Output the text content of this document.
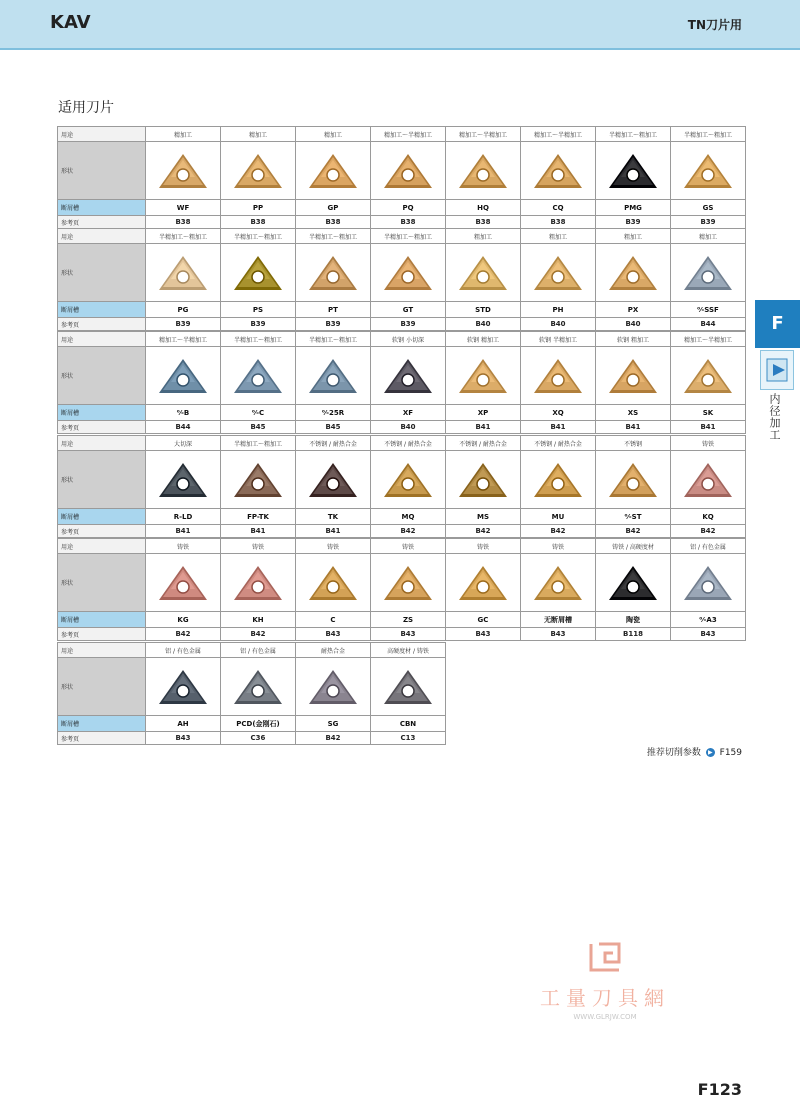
KAV	TN刀片用
适用刀片
用途	精加工	精加工	精加工	精加工～半精加工	精加工～半精加工	精加工～半精加工	半精加工～粗加工	半精加工～粗加工
形状	

断屑槽	WF	PP	GP	PQ	HQ	CQ	PMG	GS
参考页	B38	B38	B38	B38	B38	B38	B39	B39
用途	半精加工～粗加工	半精加工～粗加工	半精加工～粗加工	半精加工～粗加工	粗加工	粗加工	粗加工	精加工
形状	

断屑槽	PG	PS	PT	GT	STD	PH	PX	⁰⁄-SSF
参考页	B39	B39	B39	B39	B40	B40	B40	B44
用途	精加工～半精加工	半精加工～粗加工	半精加工～粗加工	软钢 小切深	软钢 精加工	软钢 半精加工	软钢 粗加工	精加工～半精加工
形状	

断屑槽	⁰⁄-B	⁰⁄-C	⁰⁄-25R	XF	XP	XQ	XS	SK
参考页	B44	B45	B45	B40	B41	B41	B41	B41
用途	大切深	半精加工～粗加工	不锈钢 / 耐热合金	不锈钢 / 耐热合金	不锈钢 / 耐热合金	不锈钢 / 耐热合金	不锈钢	铸铁
形状	

断屑槽	R-LD	FP-TK	TK	MQ	MS	MU	⁰⁄-ST	KQ
参考页	B41	B41	B41	B42	B42	B42	B42	B42
用途	铸铁	铸铁	铸铁	铸铁	铸铁	铸铁	铸铁 / 高硬度材	铝 / 有色金属
形状	

断屑槽	KG	KH	C	ZS	GC	无断屑槽	陶瓷	⁰⁄-A3
参考页	B42	B42	B43	B43	B43	B43	B118	B43
用途	铝 / 有色金属	铝 / 有色金属	耐热合金	高硬度材 / 铸铁
形状	

断屑槽	AH	PCD(金刚石)	SG	CBN
参考页	B43	C36	B42	C13
推荐切削参数 ▶ F159
F
内径加工
工量刀具網
WWW.GLRJW.COM
F123
